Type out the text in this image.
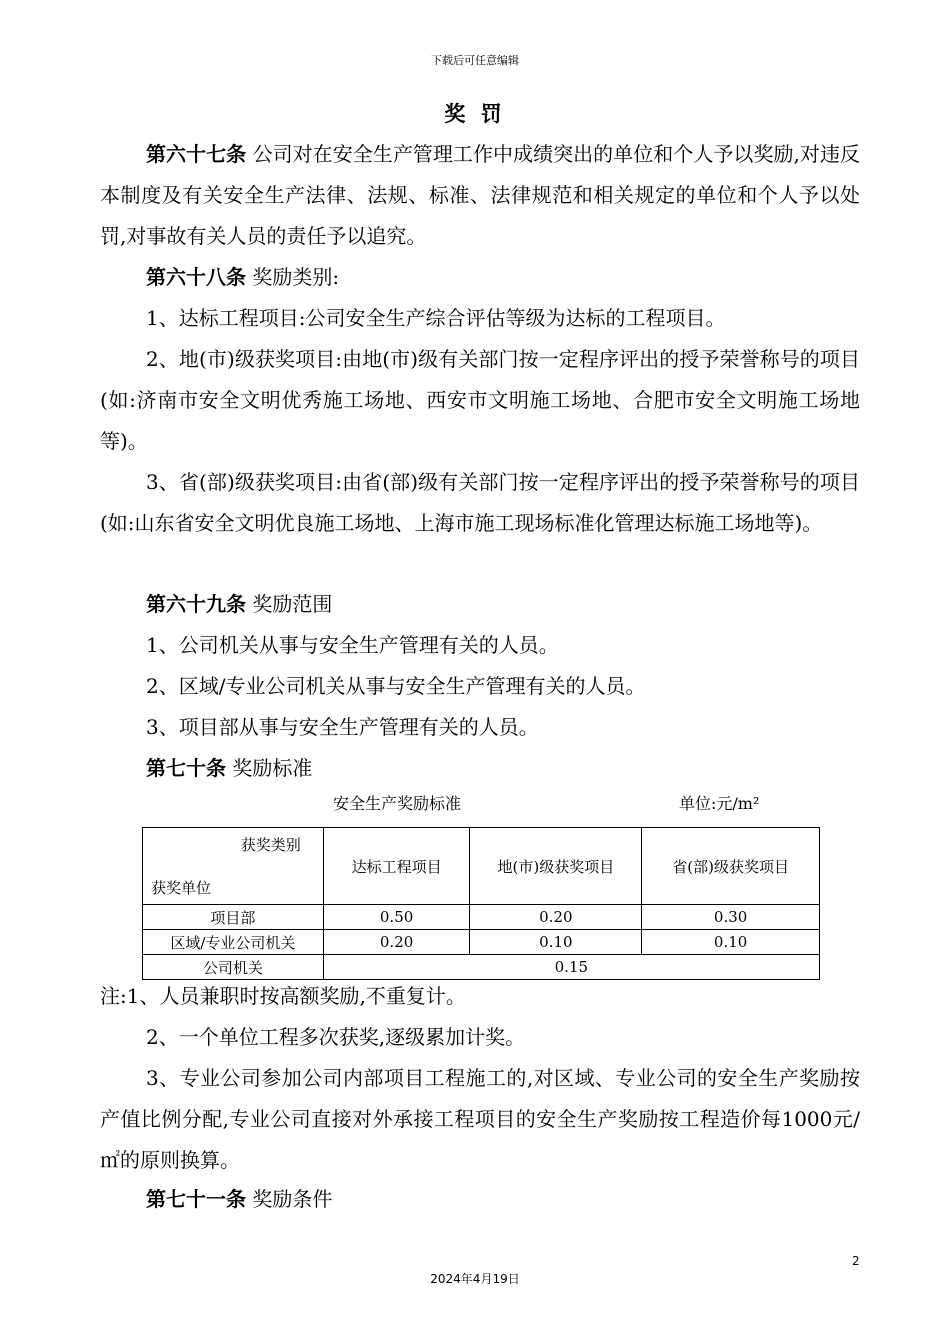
下载后可任意编辑
奖 罚
第六十七条 公司对在安全生产管理工作中成绩突出的单位和个人予以奖励,对违反本制度及有关安全生产法律、法规、标准、法律规范和相关规定的单位和个人予以处罚,对事故有关人员的责任予以追究。
第六十八条 奖励类别:
1、达标工程项目:公司安全生产综合评估等级为达标的工程项目。
2、地(市)级获奖项目:由地(市)级有关部门按一定程序评出的授予荣誉称号的项目(如:济南市安全文明优秀施工场地、西安市文明施工场地、合肥市安全文明施工场地等)。
3、省(部)级获奖项目:由省(部)级有关部门按一定程序评出的授予荣誉称号的项目(如:山东省安全文明优良施工场地、上海市施工现场标准化管理达标施工场地等)。
第六十九条 奖励范围
1、公司机关从事与安全生产管理有关的人员。
2、区域/专业公司机关从事与安全生产管理有关的人员。
3、项目部从事与安全生产管理有关的人员。
第七十条 奖励标准
安全生产奖励标准	单位:元/m²
获奖类别
获奖单位	达标工程项目	地(市)级获奖项目	省(部)级获奖项目
项目部	0.50	0.20	0.30
区域/专业公司机关	0.20	0.10	0.10
公司机关	0.15		
注:1、人员兼职时按高额奖励,不重复计。
2、一个单位工程多次获奖,逐级累加计奖。
3、专业公司参加公司内部项目工程施工的,对区域、专业公司的安全生产奖励按产值比例分配,专业公司直接对外承接工程项目的安全生产奖励按工程造价每1000元/㎡的原则换算。
第七十一条 奖励条件
2
2024年4月19日
